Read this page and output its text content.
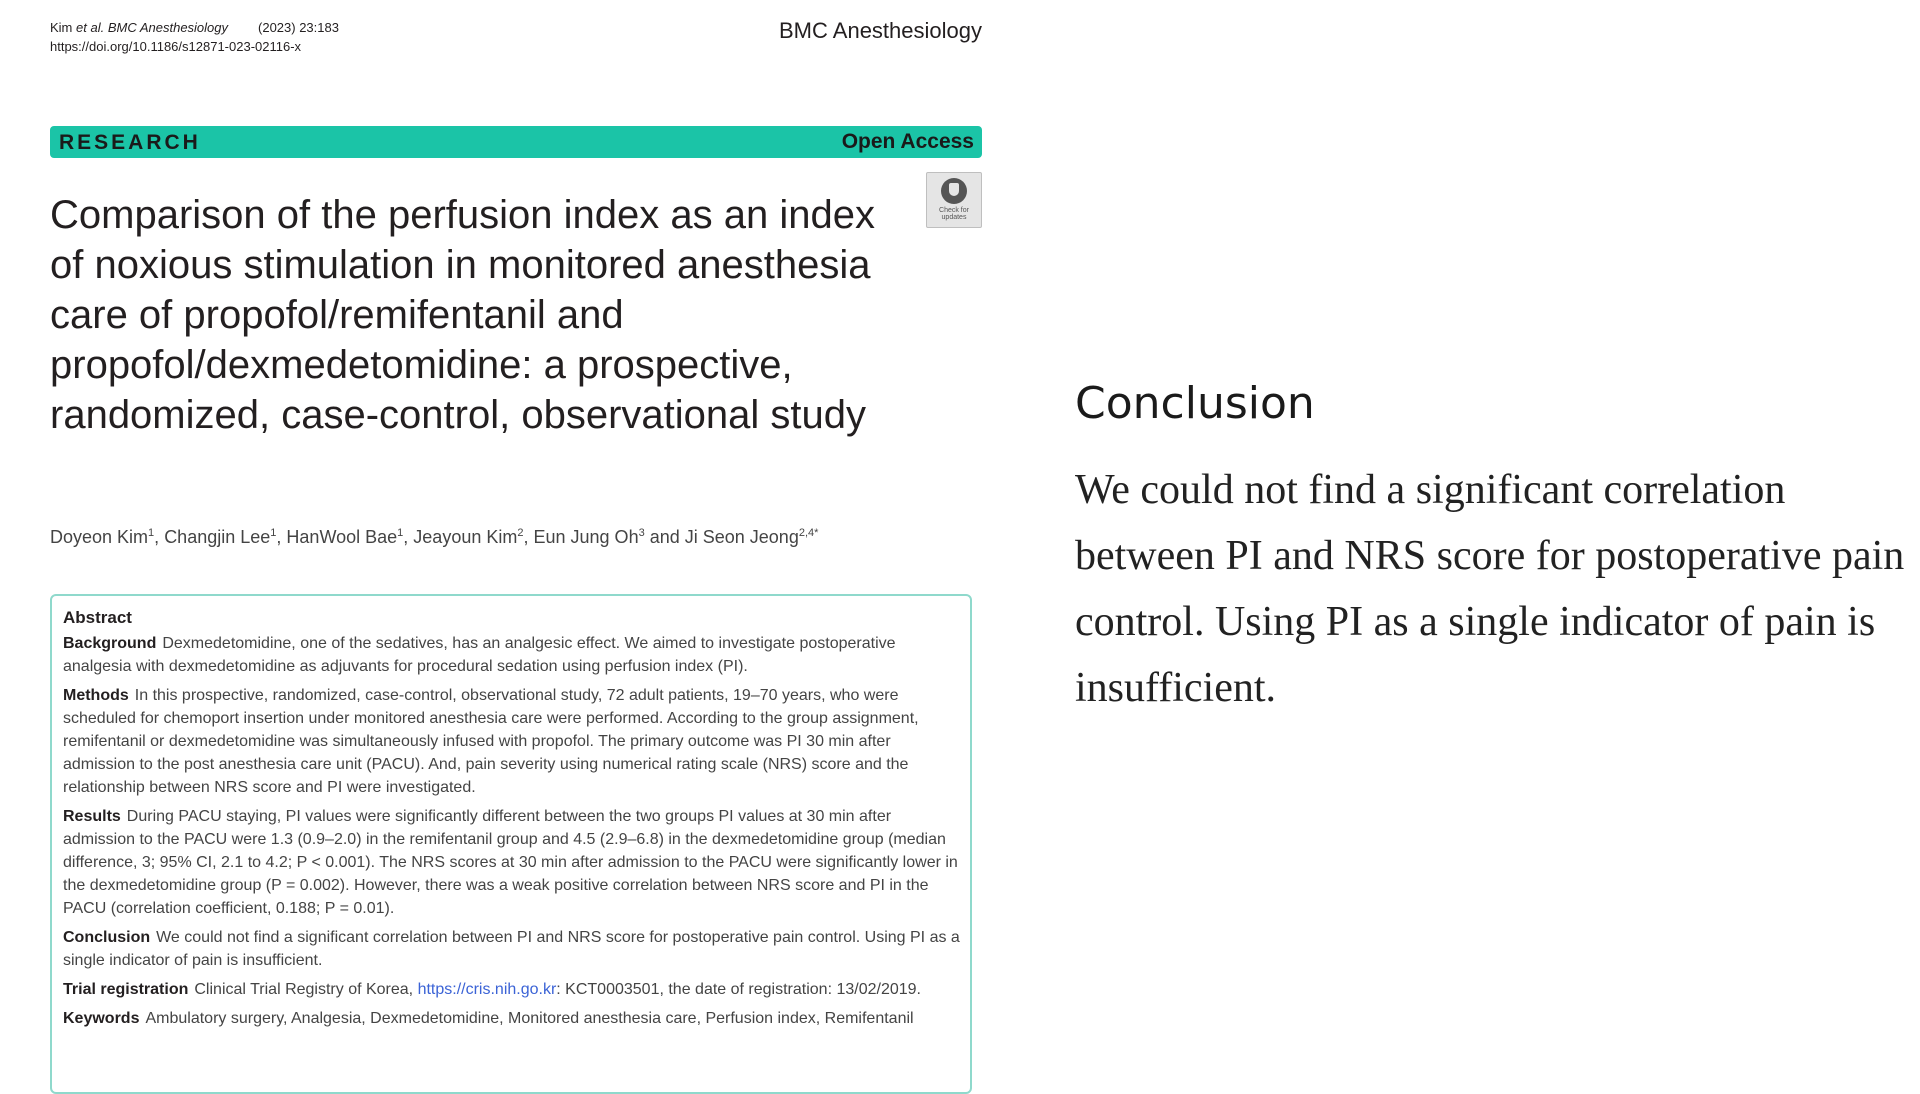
Kim et al. BMC Anesthesiology (2023) 23:183
https://doi.org/10.1186/s12871-023-02116-x
BMC Anesthesiology
RESEARCH	Open Access
Check for updates
Comparison of the perfusion index as an index of noxious stimulation in monitored anesthesia care of propofol/remifentanil and propofol/dexmedetomidine: a prospective, randomized, case-control, observational study
Doyeon Kim$^1$, Changjin Lee$^1$, HanWool Bae$^1$, Jeayoun Kim$^2$, Eun Jung Oh$^3$ and Ji Seon Jeong$^{2,4*}$
Abstract

Background Dexmedetomidine, one of the sedatives, has an analgesic effect. We aimed to investigate postoperative analgesia with dexmedetomidine as adjuvants for procedural sedation using perfusion index (PI).

Methods In this prospective, randomized, case-control, observational study, 72 adult patients, 19–70 years, who were scheduled for chemoport insertion under monitored anesthesia care were performed. According to the group assignment, remifentanil or dexmedetomidine was simultaneously infused with propofol. The primary outcome was PI 30 min after admission to the post anesthesia care unit (PACU). And, pain severity using numerical rating scale (NRS) score and the relationship between NRS score and PI were investigated.

Results During PACU staying, PI values were significantly different between the two groups PI values at 30 min after admission to the PACU were 1.3 (0.9–2.0) in the remifentanil group and 4.5 (2.9–6.8) in the dexmedetomidine group (median difference, 3; 95% CI, 2.1 to 4.2; P < 0.001). The NRS scores at 30 min after admission to the PACU were significantly lower in the dexmedetomidine group (P = 0.002). However, there was a weak positive correlation between NRS score and PI in the PACU (correlation coefficient, 0.188; P = 0.01).

Conclusion We could not find a significant correlation between PI and NRS score for postoperative pain control. Using PI as a single indicator of pain is insufficient.

Trial registration Clinical Trial Registry of Korea, https://cris.nih.go.kr: KCT0003501, the date of registration: 13/02/2019.

Keywords Ambulatory surgery, Analgesia, Dexmedetomidine, Monitored anesthesia care, Perfusion index, Remifentanil

Conclusion

We could not find a significant correlation between PI and NRS score for postoperative pain control. Using PI as a single indicator of pain is insufficient.
